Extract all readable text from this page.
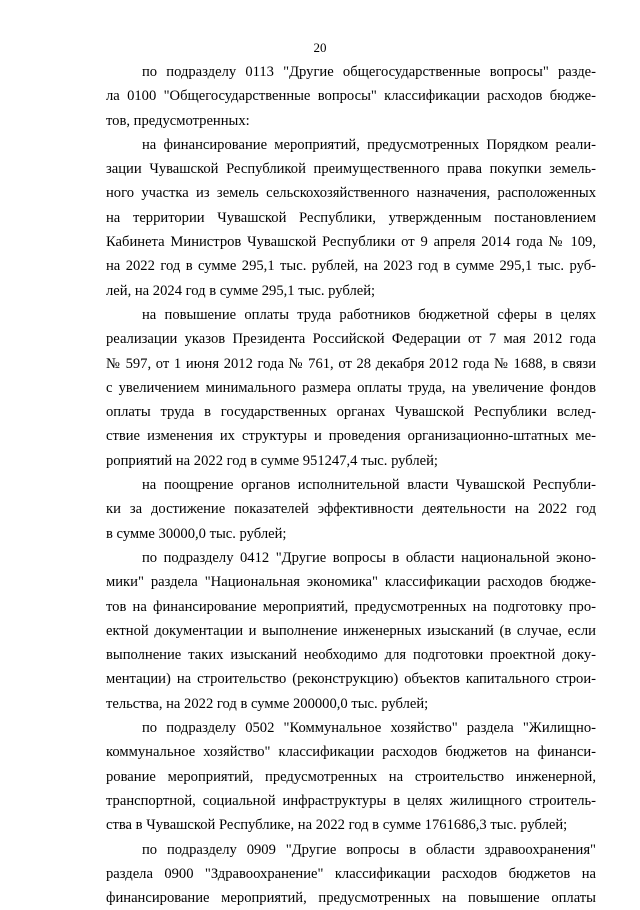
20
по подразделу 0113 "Другие общегосударственные вопросы" разде-
ла 0100 "Общегосударственные вопросы" классификации расходов бюдже-
тов, предусмотренных:
на финансирование мероприятий, предусмотренных Порядком реали-
зации Чувашской Республикой преимущественного права покупки земель-
ного участка из земель сельскохозяйственного назначения, расположенных
на территории Чувашской Республики, утвержденным постановлением
Кабинета Министров Чувашской Республики от 9 апреля 2014 года № 109,
на 2022 год в сумме 295,1 тыс. рублей, на 2023 год в сумме 295,1 тыс. руб-
лей, на 2024 год в сумме 295,1 тыс. рублей;
на повышение оплаты труда работников бюджетной сферы в целях
реализации указов Президента Российской Федерации от 7 мая 2012 года
№ 597, от 1 июня 2012 года № 761, от 28 декабря 2012 года № 1688, в связи
с увеличением минимального размера оплаты труда, на увеличение фондов
оплаты труда в государственных органах Чувашской Республики вслед-
ствие изменения их структуры и проведения организационно-штатных ме-
роприятий на 2022 год в сумме 951247,4 тыс. рублей;
на поощрение органов исполнительной власти Чувашской Республи-
ки за достижение показателей эффективности деятельности на 2022 год
в сумме 30000,0 тыс. рублей;
по подразделу 0412 "Другие вопросы в области национальной эконо-
мики" раздела "Национальная экономика" классификации расходов бюдже-
тов на финансирование мероприятий, предусмотренных на подготовку про-
ектной документации и выполнение инженерных изысканий (в случае, если
выполнение таких изысканий необходимо для подготовки проектной доку-
ментации) на строительство (реконструкцию) объектов капитального строи-
тельства, на 2022 год в сумме 200000,0 тыс. рублей;
по подразделу 0502 "Коммунальное хозяйство" раздела "Жилищно-
коммунальное хозяйство" классификации расходов бюджетов на финанси-
рование мероприятий, предусмотренных на строительство инженерной,
транспортной, социальной инфраструктуры в целях жилищного строитель-
ства в Чувашской Республике, на 2022 год в сумме 1761686,3 тыс. рублей;
по подразделу 0909 "Другие вопросы в области здравоохранения"
раздела 0900 "Здравоохранение" классификации расходов бюджетов на
финансирование мероприятий, предусмотренных на повышение оплаты
